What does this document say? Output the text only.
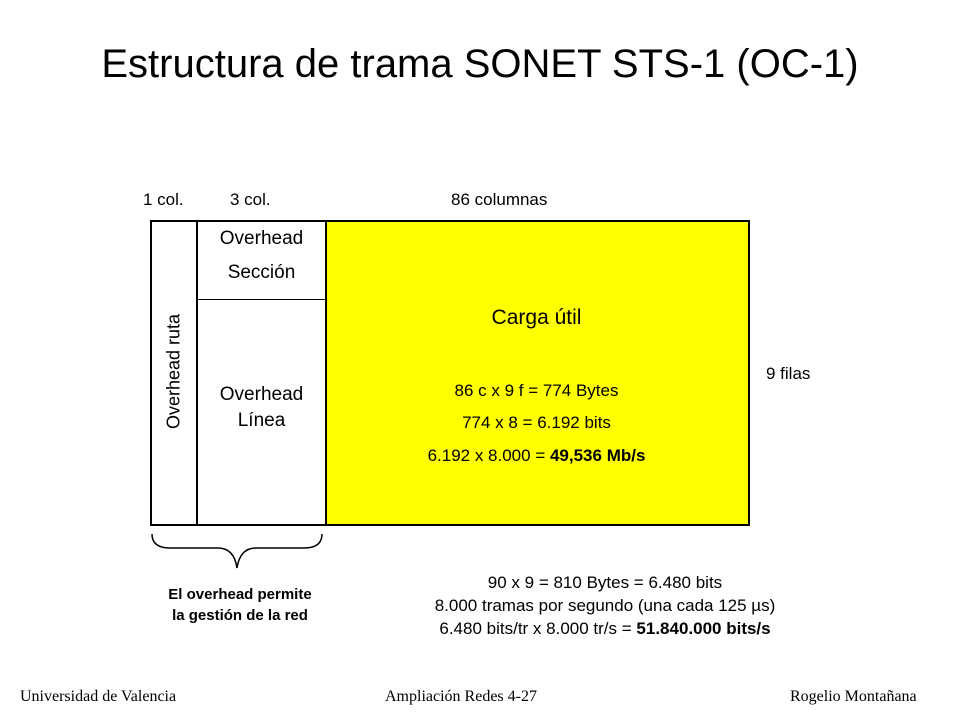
Estructura de trama SONET STS-1 (OC-1)
1 col.	3 col.	86 columnas
Overhead ruta
Overhead
Sección
Overhead
Línea
Carga útil
86 c x 9 f = 774 Bytes
774 x 8 = 6.192 bits
6.192 x 8.000 = 49,536 Mb/s
9 filas
El overhead permite
la gestión de la red
90 x 9 = 810 Bytes = 6.480 bits
8.000 tramas por segundo (una cada 125 µs)
6.480 bits/tr x 8.000 tr/s = 51.840.000 bits/s
Universidad de Valencia	Ampliación Redes 4-27	Rogelio Montañana
